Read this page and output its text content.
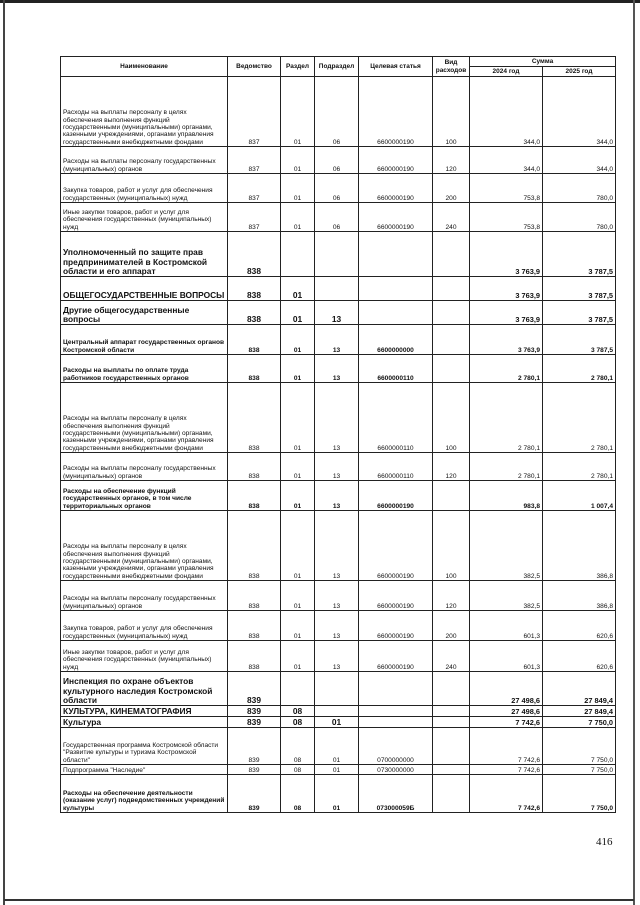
Наименование	Ведомство	Раздел	Подраздел	Целевая статья	Вид расходов	Сумма	
						2024 год	2025 год
Расходы на выплаты персоналу в целях обеспечения выполнения функций государственными (муниципальными) органами, казенными учреждениями, органами управления государственными внебюджетными фондами	837	01	06	6600000190	100	344,0	344,0
Расходы на выплаты персоналу государственных (муниципальных) органов	837	01	06	6600000190	120	344,0	344,0
Закупка товаров, работ и услуг для обеспечения государственных (муниципальных) нужд	837	01	06	6600000190	200	753,8	780,0
Иные закупки товаров, работ и услуг для обеспечения государственных (муниципальных) нужд	837	01	06	6600000190	240	753,8	780,0
Уполномоченный по защите прав предпринимателей в Костромской области и его аппарат	838					3 763,9	3 787,5
ОБЩЕГОСУДАРСТВЕННЫЕ ВОПРОСЫ	838	01				3 763,9	3 787,5
Другие общегосударственные вопросы	838	01	13			3 763,9	3 787,5
Центральный аппарат государственных органов Костромской области	838	01	13	6600000000		3 763,9	3 787,5
Расходы на выплаты по оплате труда работников государственных органов	838	01	13	6600000110		2 780,1	2 780,1
Расходы на выплаты персоналу в целях обеспечения выполнения функций государственными (муниципальными) органами, казенными учреждениями, органами управления государственными внебюджетными фондами	838	01	13	6600000110	100	2 780,1	2 780,1
Расходы на выплаты персоналу государственных (муниципальных) органов	838	01	13	6600000110	120	2 780,1	2 780,1
Расходы на обеспечение функций государственных органов, в том числе территориальных органов	838	01	13	6600000190		983,8	1 007,4
Расходы на выплаты персоналу в целях обеспечения выполнения функций государственными (муниципальными) органами, казенными учреждениями, органами управления государственными внебюджетными фондами	838	01	13	6600000190	100	382,5	386,8
Расходы на выплаты персоналу государственных (муниципальных) органов	838	01	13	6600000190	120	382,5	386,8
Закупка товаров, работ и услуг для обеспечения государственных (муниципальных) нужд	838	01	13	6600000190	200	601,3	620,6
Иные закупки товаров, работ и услуг для обеспечения государственных (муниципальных) нужд	838	01	13	6600000190	240	601,3	620,6
Инспекция по охране объектов культурного наследия Костромской области	839					27 498,6	27 849,4
КУЛЬТУРА, КИНЕМАТОГРАФИЯ	839	08				27 498,6	27 849,4
Культура	839	08	01			7 742,6	7 750,0
Государственная программа Костромской области "Развитие культуры и туризма Костромской области"	839	08	01	0700000000		7 742,6	7 750,0
Подпрограмма "Наследие"	839	08	01	0730000000		7 742,6	7 750,0
Расходы на обеспечение деятельности (оказание услуг) подведомственных учреждений культуры	839	08	01	073000059Б		7 742,6	7 750,0
416
